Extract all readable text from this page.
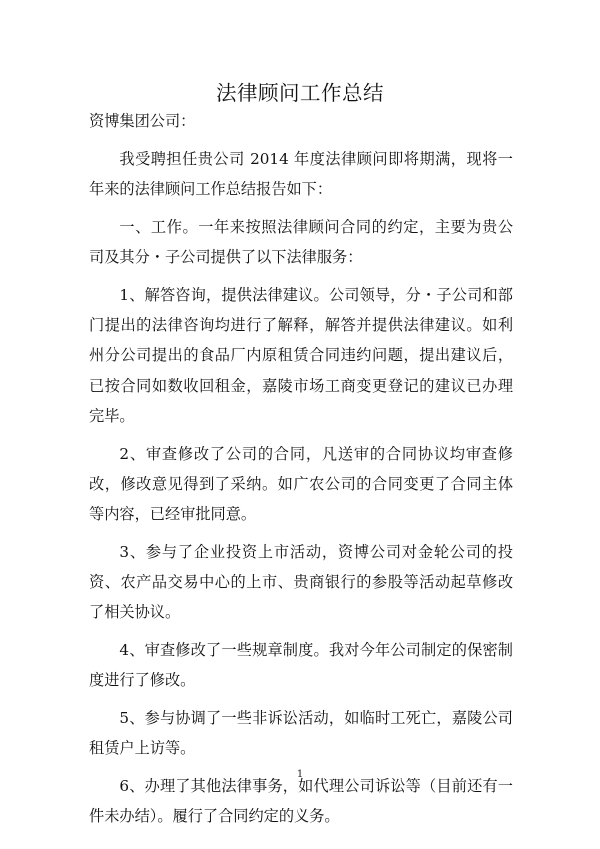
法律顾问工作总结

资博集团公司：

我受聘担任贵公司 2014 年度法律顾问即将期满，现将一年来的法律顾问工作总结报告如下：

一、工作。一年来按照法律顾问合同的约定，主要为贵公司及其分・子公司提供了以下法律服务：

1、解答咨询，提供法律建议。公司领导，分・子公司和部门提出的法律咨询均进行了解释，解答并提供法律建议。如利州分公司提出的食品厂内原租赁合同违约问题，提出建议后，已按合同如数收回租金，嘉陵市场工商变更登记的建议已办理完毕。

2、审查修改了公司的合同，凡送审的合同协议均审查修改，修改意见得到了采纳。如广农公司的合同变更了合同主体等内容，已经审批同意。

3、参与了企业投资上市活动，资博公司对金轮公司的投资、农产品交易中心的上市、贵商银行的参股等活动起草修改了相关协议。

4、审查修改了一些规章制度。我对今年公司制定的保密制度进行了修改。

5、参与协调了一些非诉讼活动，如临时工死亡，嘉陵公司租赁户上访等。

6、办理了其他法律事务，如代理公司诉讼等（目前还有一件未办结）。履行了合同约定的义务。

1
